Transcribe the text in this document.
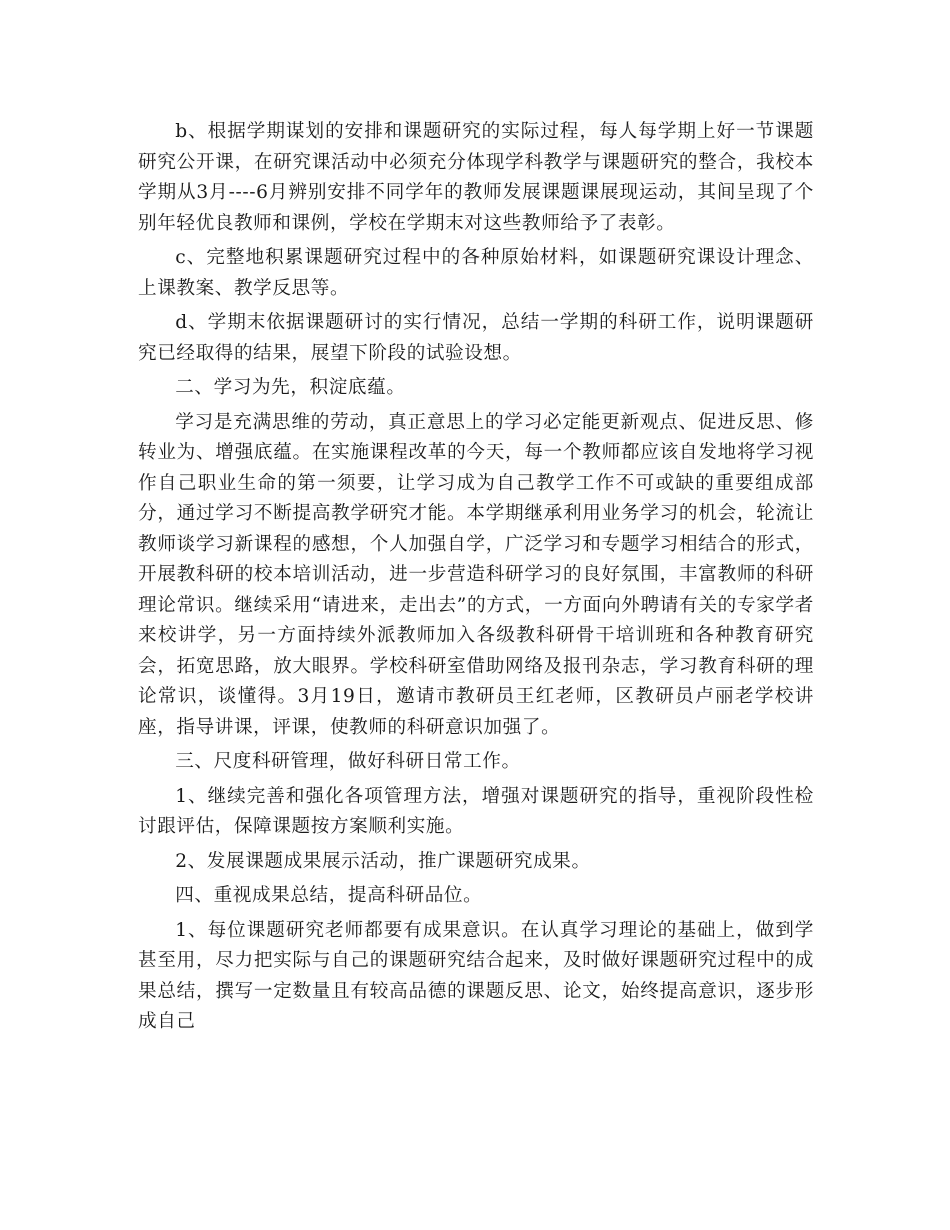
b、根据学期谋划的安排和课题研究的实际过程，每人每学期上好一节课题研究公开课，在研究课活动中必须充分体现学科教学与课题研究的整合，我校本学期从3月----6月辨别安排不同学年的教师发展课题课展现运动，其间呈现了个别年轻优良教师和课例，学校在学期末对这些教师给予了表彰。

c、完整地积累课题研究过程中的各种原始材料，如课题研究课设计理念、上课教案、教学反思等。

d、学期末依据课题研讨的实行情况，总结一学期的科研工作，说明课题研究已经取得的结果，展望下阶段的试验设想。

二、学习为先，积淀底蕴。

学习是充满思维的劳动，真正意思上的学习必定能更新观点、促进反思、修转业为、增强底蕴。在实施课程改革的今天，每一个教师都应该自发地将学习视作自己职业生命的第一须要，让学习成为自己教学工作不可或缺的重要组成部分，通过学习不断提高教学研究才能。本学期继承利用业务学习的机会，轮流让教师谈学习新课程的感想，个人加强自学，广泛学习和专题学习相结合的形式，开展教科研的校本培训活动，进一步营造科研学习的良好氛围，丰富教师的科研理论常识。继续采用“请进来，走出去”的方式，一方面向外聘请有关的专家学者来校讲学，另一方面持续外派教师加入各级教科研骨干培训班和各种教育研究会，拓宽思路，放大眼界。学校科研室借助网络及报刊杂志，学习教育科研的理论常识，谈懂得。3月19日，邀请市教研员王红老师，区教研员卢丽老学校讲座，指导讲课，评课，使教师的科研意识加强了。

三、尺度科研管理，做好科研日常工作。

1、继续完善和强化各项管理方法，增强对课题研究的指导，重视阶段性检讨跟评估，保障课题按方案顺利实施。

2、发展课题成果展示活动，推广课题研究成果。

四、重视成果总结，提高科研品位。

1、每位课题研究老师都要有成果意识。在认真学习理论的基础上，做到学甚至用，尽力把实际与自己的课题研究结合起来，及时做好课题研究过程中的成果总结，撰写一定数量且有较高品德的课题反思、论文，始终提高意识，逐步形成自己
